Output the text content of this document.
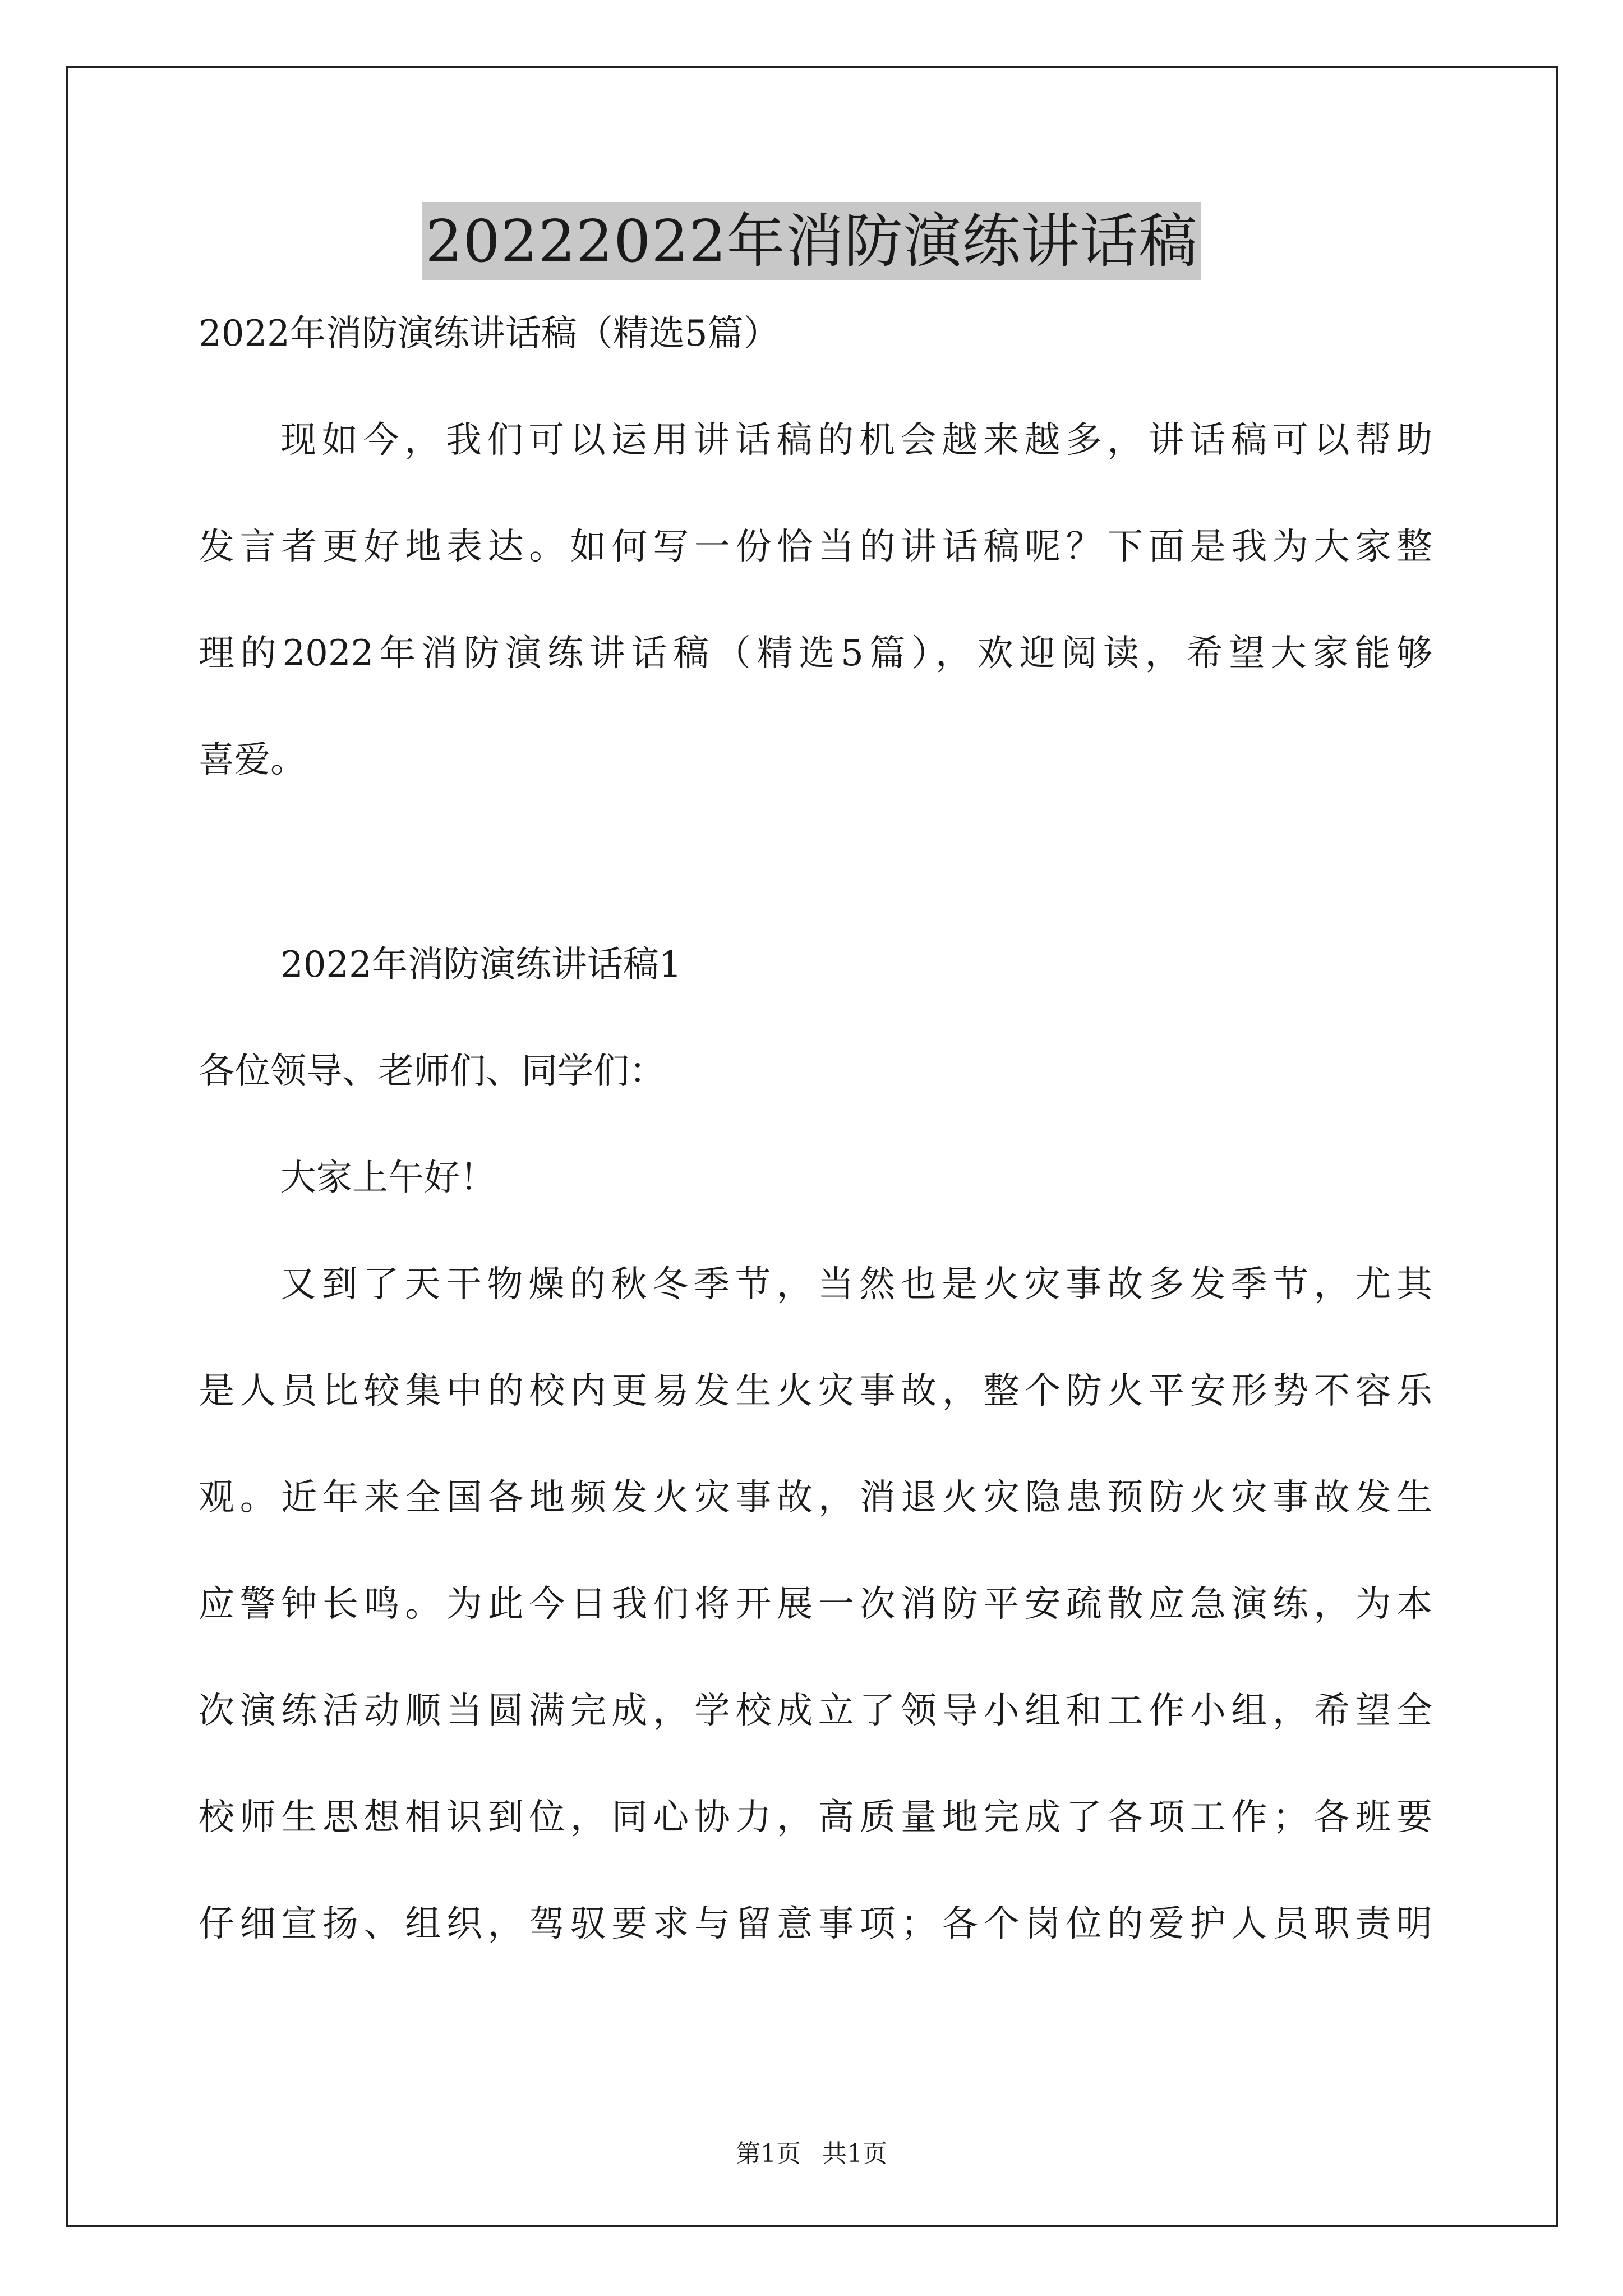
20222022年消防演练讲话稿
2022年消防演练讲话稿（精选5篇）
现如今，我们可以运用讲话稿的机会越来越多，讲话稿可以帮助
发言者更好地表达。如何写一份恰当的讲话稿呢？下面是我为大家整
理的2022年消防演练讲话稿（精选5篇），欢迎阅读，希望大家能够
喜爱。
2022年消防演练讲话稿1
各位领导、老师们、同学们：
大家上午好！
又到了天干物燥的秋冬季节，当然也是火灾事故多发季节，尤其
是人员比较集中的校内更易发生火灾事故，整个防火平安形势不容乐
观。近年来全国各地频发火灾事故，消退火灾隐患预防火灾事故发生
应警钟长鸣。为此今日我们将开展一次消防平安疏散应急演练，为本
次演练活动顺当圆满完成，学校成立了领导小组和工作小组，希望全
校师生思想相识到位，同心协力，高质量地完成了各项工作；各班要
仔细宣扬、组织，驾驭要求与留意事项；各个岗位的爱护人员职责明
第1页 共1页
